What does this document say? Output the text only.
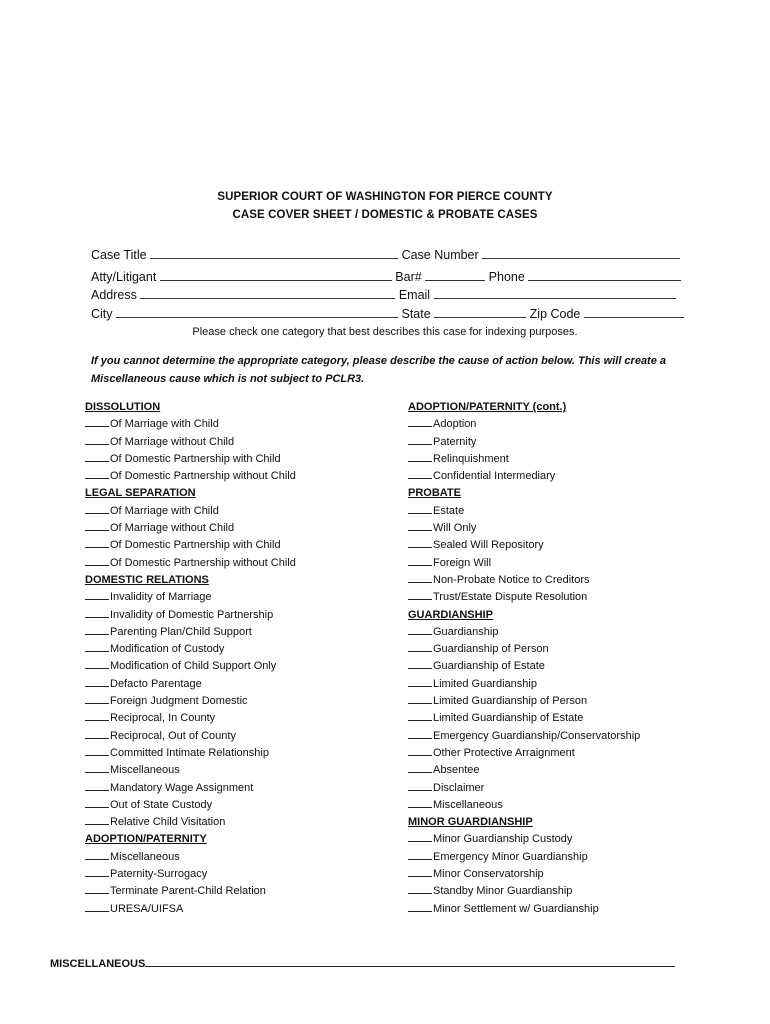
SUPERIOR COURT OF WASHINGTON FOR PIERCE COUNTY
CASE COVER SHEET / DOMESTIC & PROBATE CASES
Case Title	Case Number
Atty/Litigant	Bar#	Phone
Address	Email
City	State	Zip Code
Please check one category that best describes this case for indexing purposes.
If you cannot determine the appropriate category, please describe the cause of action below. This will create a
Miscellaneous cause which is not subject to PCLR3.
DISSOLUTION
Of Marriage with Child
Of Marriage without Child
Of Domestic Partnership with Child
Of Domestic Partnership without Child
LEGAL SEPARATION
Of Marriage with Child
Of Marriage without Child
Of Domestic Partnership with Child
Of Domestic Partnership without Child
DOMESTIC RELATIONS
Invalidity of Marriage
Invalidity of Domestic Partnership
Parenting Plan/Child Support
Modification of Custody
Modification of Child Support Only
Defacto Parentage
Foreign Judgment Domestic
Reciprocal, In County
Reciprocal, Out of County
Committed Intimate Relationship
Miscellaneous
Mandatory Wage Assignment
Out of State Custody
Relative Child Visitation
ADOPTION/PATERNITY
Miscellaneous
Paternity-Surrogacy
Terminate Parent-Child Relation
URESA/UIFSA
ADOPTION/PATERNITY (cont.)
Adoption
Paternity
Relinquishment
Confidential Intermediary
PROBATE
Estate
Will Only
Sealed Will Repository
Foreign Will
Non-Probate Notice to Creditors
Trust/Estate Dispute Resolution
GUARDIANSHIP
Guardianship
Guardianship of Person
Guardianship of Estate
Limited Guardianship
Limited Guardianship of Person
Limited Guardianship of Estate
Emergency Guardianship/Conservatorship
Other Protective Arraignment
Absentee
Disclaimer
Miscellaneous
MINOR GUARDIANSHIP
Minor Guardianship Custody
Emergency Minor Guardianship
Minor Conservatorship
Standby Minor Guardianship
Minor Settlement w/ Guardianship
MISCELLANEOUS
